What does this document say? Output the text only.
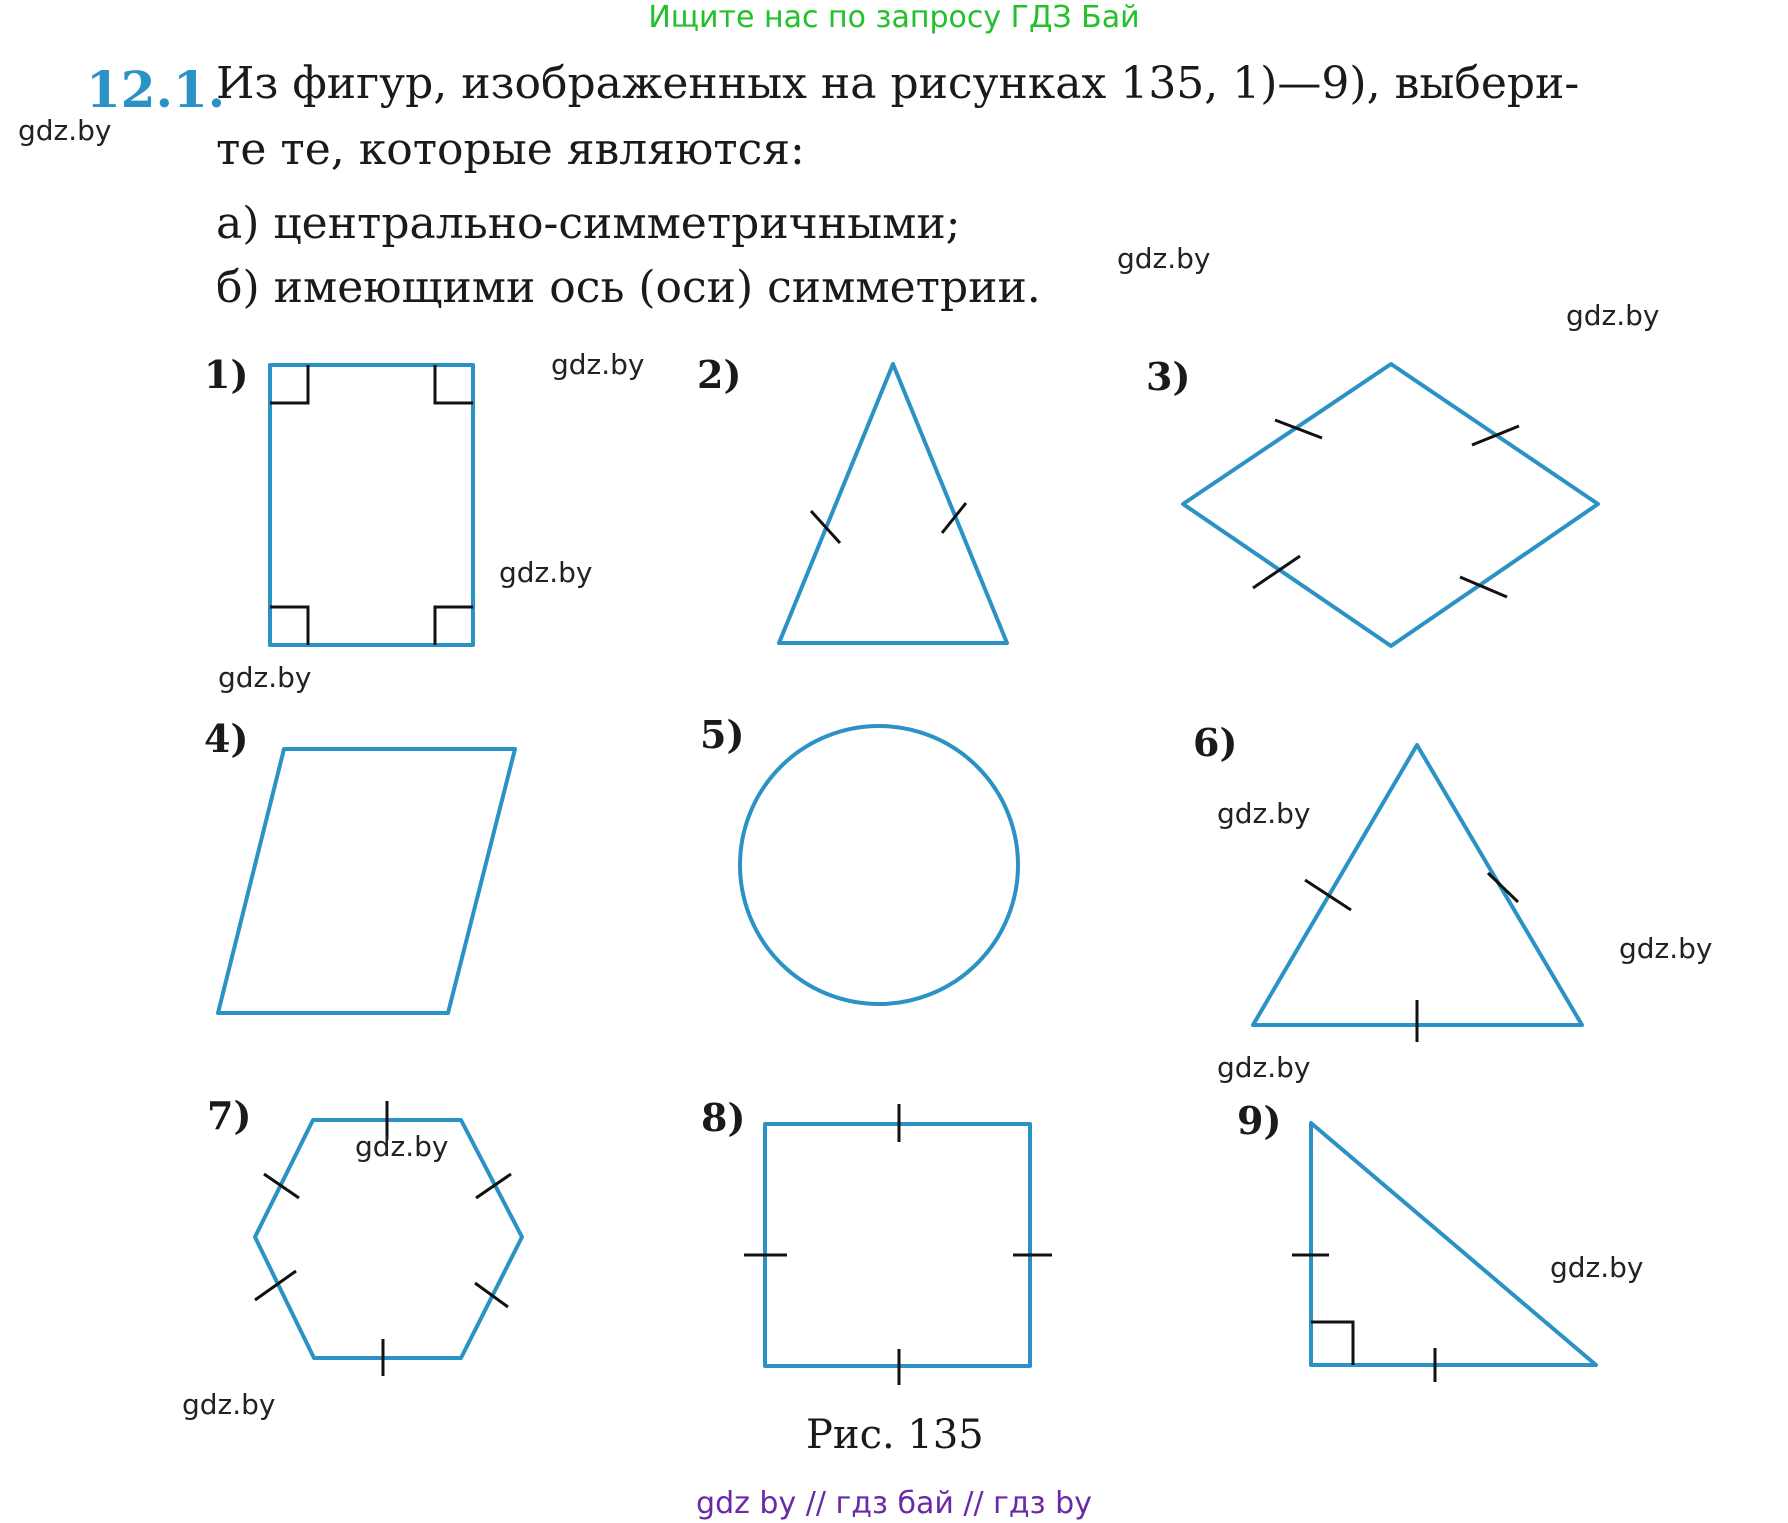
Ищите нас по запросу ГДЗ Бай
12.1.
Из фигур, изображенных на рисунках 135, 1)—9), выбери-
те те, которые являются:
а) центрально-симметричными;
б) имеющими ось (оси) симметрии.
1)	2)	3)
4)	5)	6)
7)	8)	9)
gdz.by
gdz.by
gdz.by
gdz.by
gdz.by
gdz.by
gdz.by
gdz.by
gdz.by
gdz.by
gdz.by
gdz.by
Рис. 135
gdz by // гдз бай // гдз by
